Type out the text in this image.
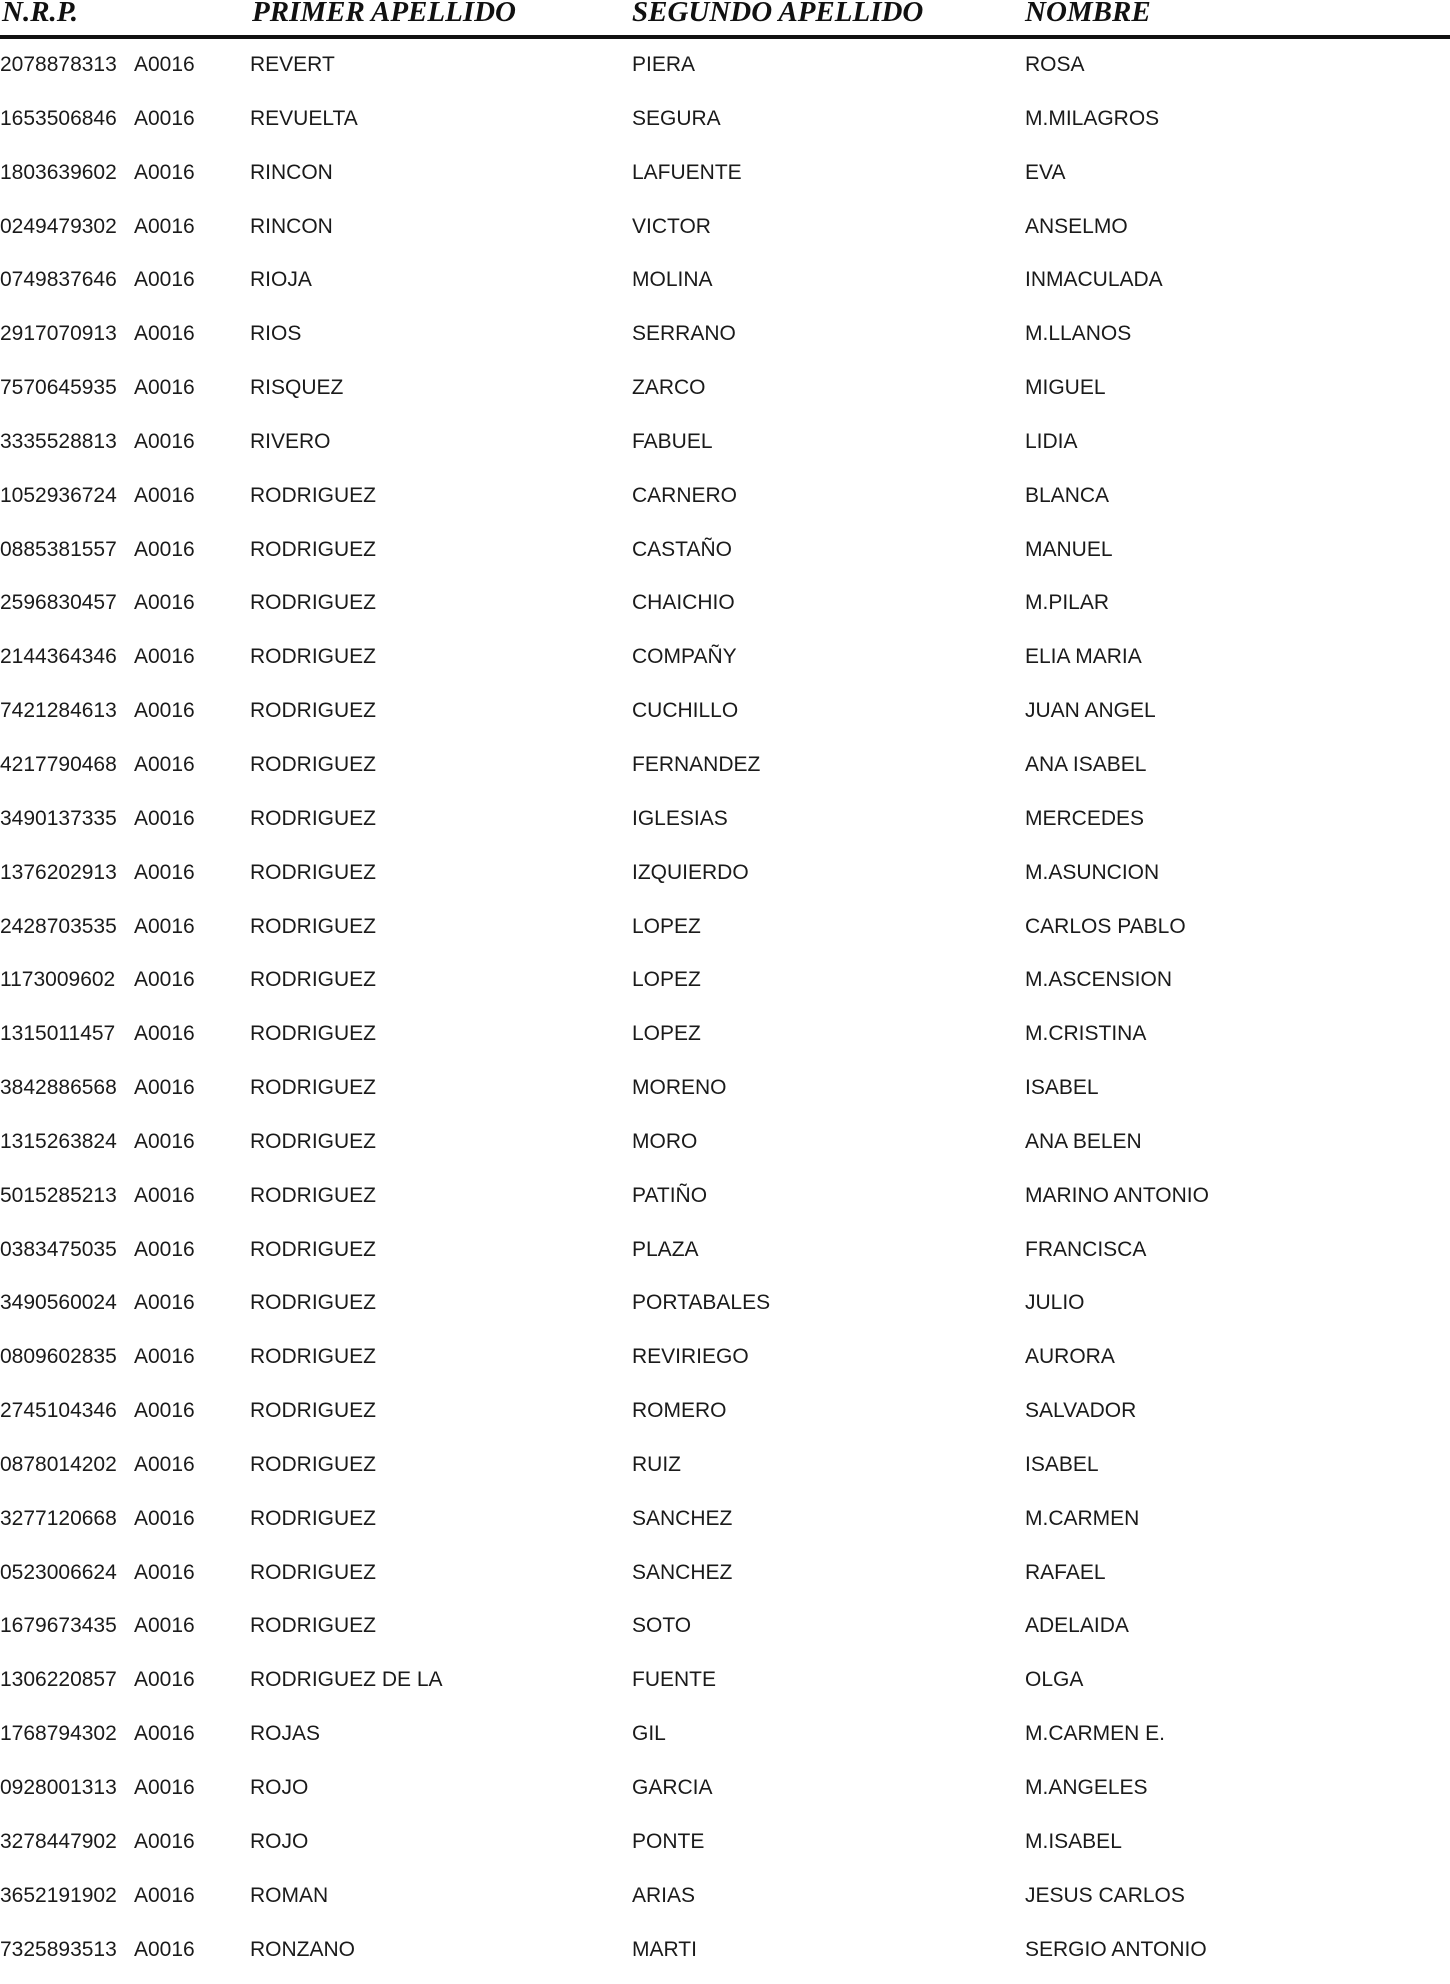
N.R.P.	PRIMER APELLIDO	SEGUNDO APELLIDO	NOMBRE
2078878313 A0016	REVERT	PIERA	ROSA
1653506846 A0016	REVUELTA	SEGURA	M.MILAGROS
1803639602 A0016	RINCON	LAFUENTE	EVA
0249479302 A0016	RINCON	VICTOR	ANSELMO
0749837646 A0016	RIOJA	MOLINA	INMACULADA
2917070913 A0016	RIOS	SERRANO	M.LLANOS
7570645935 A0016	RISQUEZ	ZARCO	MIGUEL
3335528813 A0016	RIVERO	FABUEL	LIDIA
1052936724 A0016	RODRIGUEZ	CARNERO	BLANCA
0885381557 A0016	RODRIGUEZ	CASTAÑO	MANUEL
2596830457 A0016	RODRIGUEZ	CHAICHIO	M.PILAR
2144364346 A0016	RODRIGUEZ	COMPAÑY	ELIA MARIA
7421284613 A0016	RODRIGUEZ	CUCHILLO	JUAN ANGEL
4217790468 A0016	RODRIGUEZ	FERNANDEZ	ANA ISABEL
3490137335 A0016	RODRIGUEZ	IGLESIAS	MERCEDES
1376202913 A0016	RODRIGUEZ	IZQUIERDO	M.ASUNCION
2428703535 A0016	RODRIGUEZ	LOPEZ	CARLOS PABLO
1173009602 A0016	RODRIGUEZ	LOPEZ	M.ASCENSION
1315011457 A0016	RODRIGUEZ	LOPEZ	M.CRISTINA
3842886568 A0016	RODRIGUEZ	MORENO	ISABEL
1315263824 A0016	RODRIGUEZ	MORO	ANA BELEN
5015285213 A0016	RODRIGUEZ	PATIÑO	MARINO ANTONIO
0383475035 A0016	RODRIGUEZ	PLAZA	FRANCISCA
3490560024 A0016	RODRIGUEZ	PORTABALES	JULIO
0809602835 A0016	RODRIGUEZ	REVIRIEGO	AURORA
2745104346 A0016	RODRIGUEZ	ROMERO	SALVADOR
0878014202 A0016	RODRIGUEZ	RUIZ	ISABEL
3277120668 A0016	RODRIGUEZ	SANCHEZ	M.CARMEN
0523006624 A0016	RODRIGUEZ	SANCHEZ	RAFAEL
1679673435 A0016	RODRIGUEZ	SOTO	ADELAIDA
1306220857 A0016	RODRIGUEZ DE LA	FUENTE	OLGA
1768794302 A0016	ROJAS	GIL	M.CARMEN E.
0928001313 A0016	ROJO	GARCIA	M.ANGELES
3278447902 A0016	ROJO	PONTE	M.ISABEL
3652191902 A0016	ROMAN	ARIAS	JESUS CARLOS
7325893513 A0016	RONZANO	MARTI	SERGIO ANTONIO
